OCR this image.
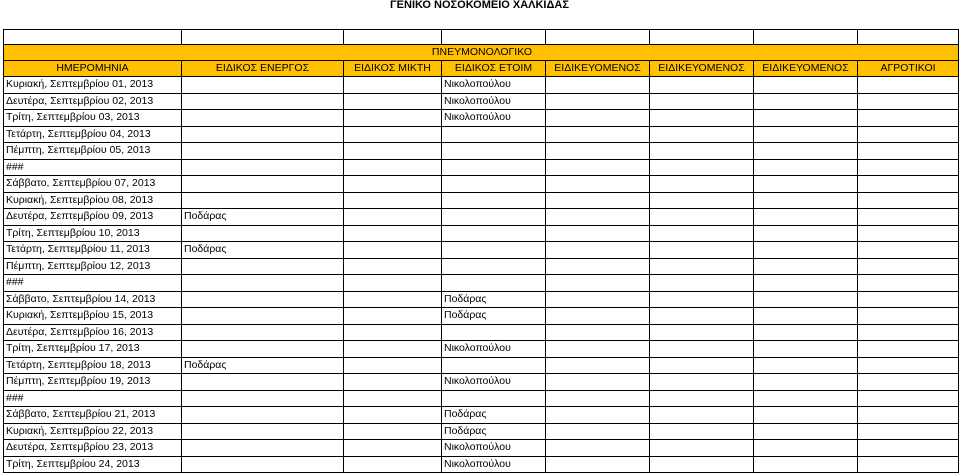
ΓΕΝΙΚΟ ΝΟΣΟΚΟΜΕΙΟ ΧΑΛΚΙΔΑΣ

ΠΝΕΥΜΟΝΟΛΟΓΙΚΟ							
ΗΜΕΡΟΜΗΝΙΑ	ΕΙΔΙΚΟΣ ΕΝΕΡΓΟΣ	ΕΙΔΙΚΟΣ ΜΙΚΤΗ	ΕΙΔΙΚΟΣ ΕΤΟΙΜ	ΕΙΔΙΚΕΥΟΜΕΝΟΣ	ΕΙΔΙΚΕΥΟΜΕΝΟΣ	ΕΙΔΙΚΕΥΟΜΕΝΟΣ	ΑΓΡΟΤΙΚΟΙ
Κυριακή, Σεπτεμβρίου 01, 2013			Νικολοπούλου				
Δευτέρα, Σεπτεμβρίου 02, 2013			Νικολοπούλου				
Τρίτη, Σεπτεμβρίου 03, 2013			Νικολοπούλου				
Τετάρτη, Σεπτεμβρίου 04, 2013							
Πέμπτη, Σεπτεμβρίου 05, 2013							
###							
Σάββατο, Σεπτεμβρίου 07, 2013							
Κυριακή, Σεπτεμβρίου 08, 2013							
Δευτέρα, Σεπτεμβρίου 09, 2013	Ποδάρας						
Τρίτη, Σεπτεμβρίου 10, 2013							
Τετάρτη, Σεπτεμβρίου 11, 2013	Ποδάρας						
Πέμπτη, Σεπτεμβρίου 12, 2013							
###							
Σάββατο, Σεπτεμβρίου 14, 2013			Ποδάρας				
Κυριακή, Σεπτεμβρίου 15, 2013			Ποδάρας				
Δευτέρα, Σεπτεμβρίου 16, 2013							
Τρίτη, Σεπτεμβρίου 17, 2013			Νικολοπούλου				
Τετάρτη, Σεπτεμβρίου 18, 2013	Ποδάρας						
Πέμπτη, Σεπτεμβρίου 19, 2013			Νικολοπούλου				
###							
Σάββατο, Σεπτεμβρίου 21, 2013			Ποδάρας				
Κυριακή, Σεπτεμβρίου 22, 2013			Ποδάρας				
Δευτέρα, Σεπτεμβρίου 23, 2013			Νικολοπούλου				
Τρίτη, Σεπτεμβρίου 24, 2013			Νικολοπούλου				
